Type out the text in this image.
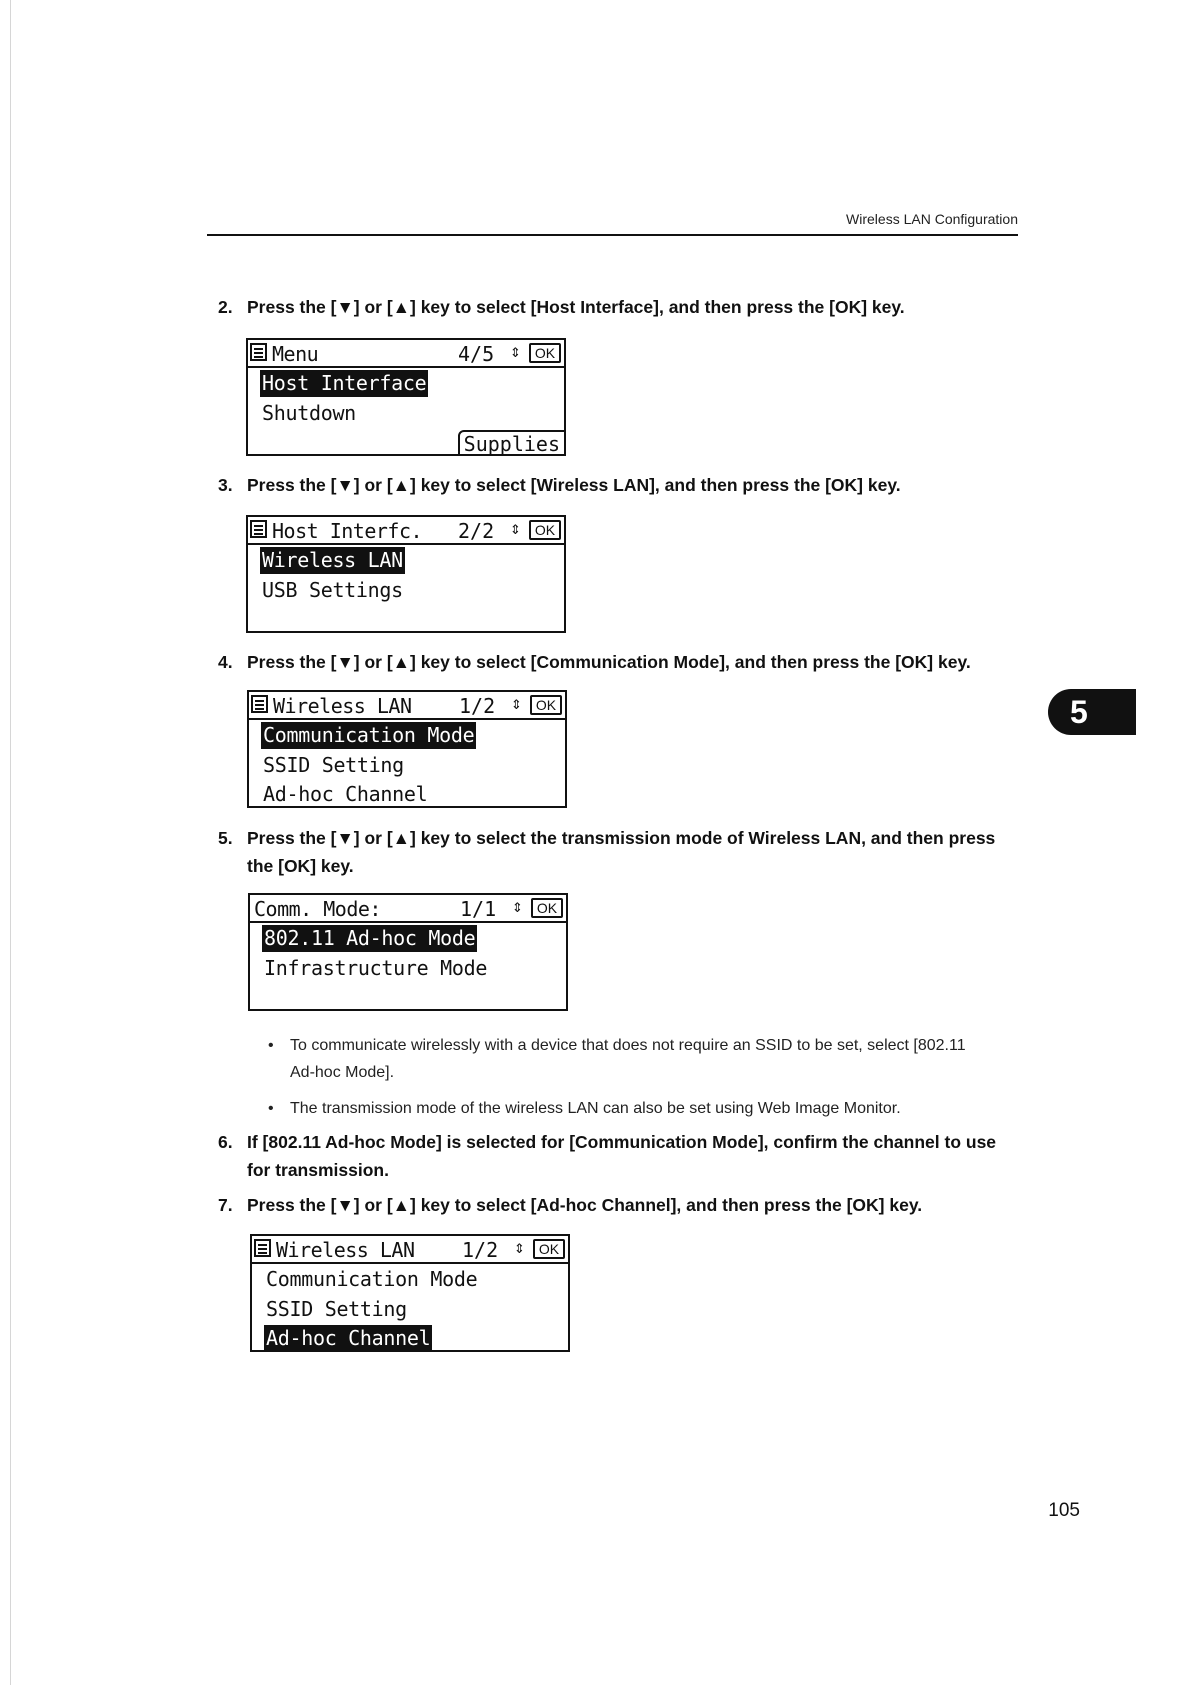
Wireless LAN Configuration
2. Press the [▼] or [▲] key to select [Host Interface], and then press the [OK] key.
Menu	4/5 ⇕	OK
Host Interface
Shutdown
Supplies
3. Press the [▼] or [▲] key to select [Wireless LAN], and then press the [OK] key.
Host Interfc. 2/2 ⇕	OK
Wireless LAN
USB Settings
4. Press the [▼] or [▲] key to select [Communication Mode], and then press the [OK] key.
Wireless LAN 1/2 ⇕	OK
Communication Mode
SSID Setting
Ad-hoc Channel
5. Press the [▼] or [▲] key to select the transmission mode of Wireless LAN, and then press
the [OK] key.
Comm. Mode:	1/1 ⇕	OK
802.11 Ad-hoc Mode
Infrastructure Mode
• To communicate wirelessly with a device that does not require an SSID to be set, select [802.11
Ad-hoc Mode].
• The transmission mode of the wireless LAN can also be set using Web Image Monitor.
6. If [802.11 Ad-hoc Mode] is selected for [Communication Mode], confirm the channel to use
for transmission.
7. Press the [▼] or [▲] key to select [Ad-hoc Channel], and then press the [OK] key.
Wireless LAN 1/2 ⇕	OK
Communication Mode
SSID Setting
Ad-hoc Channel
5
105
